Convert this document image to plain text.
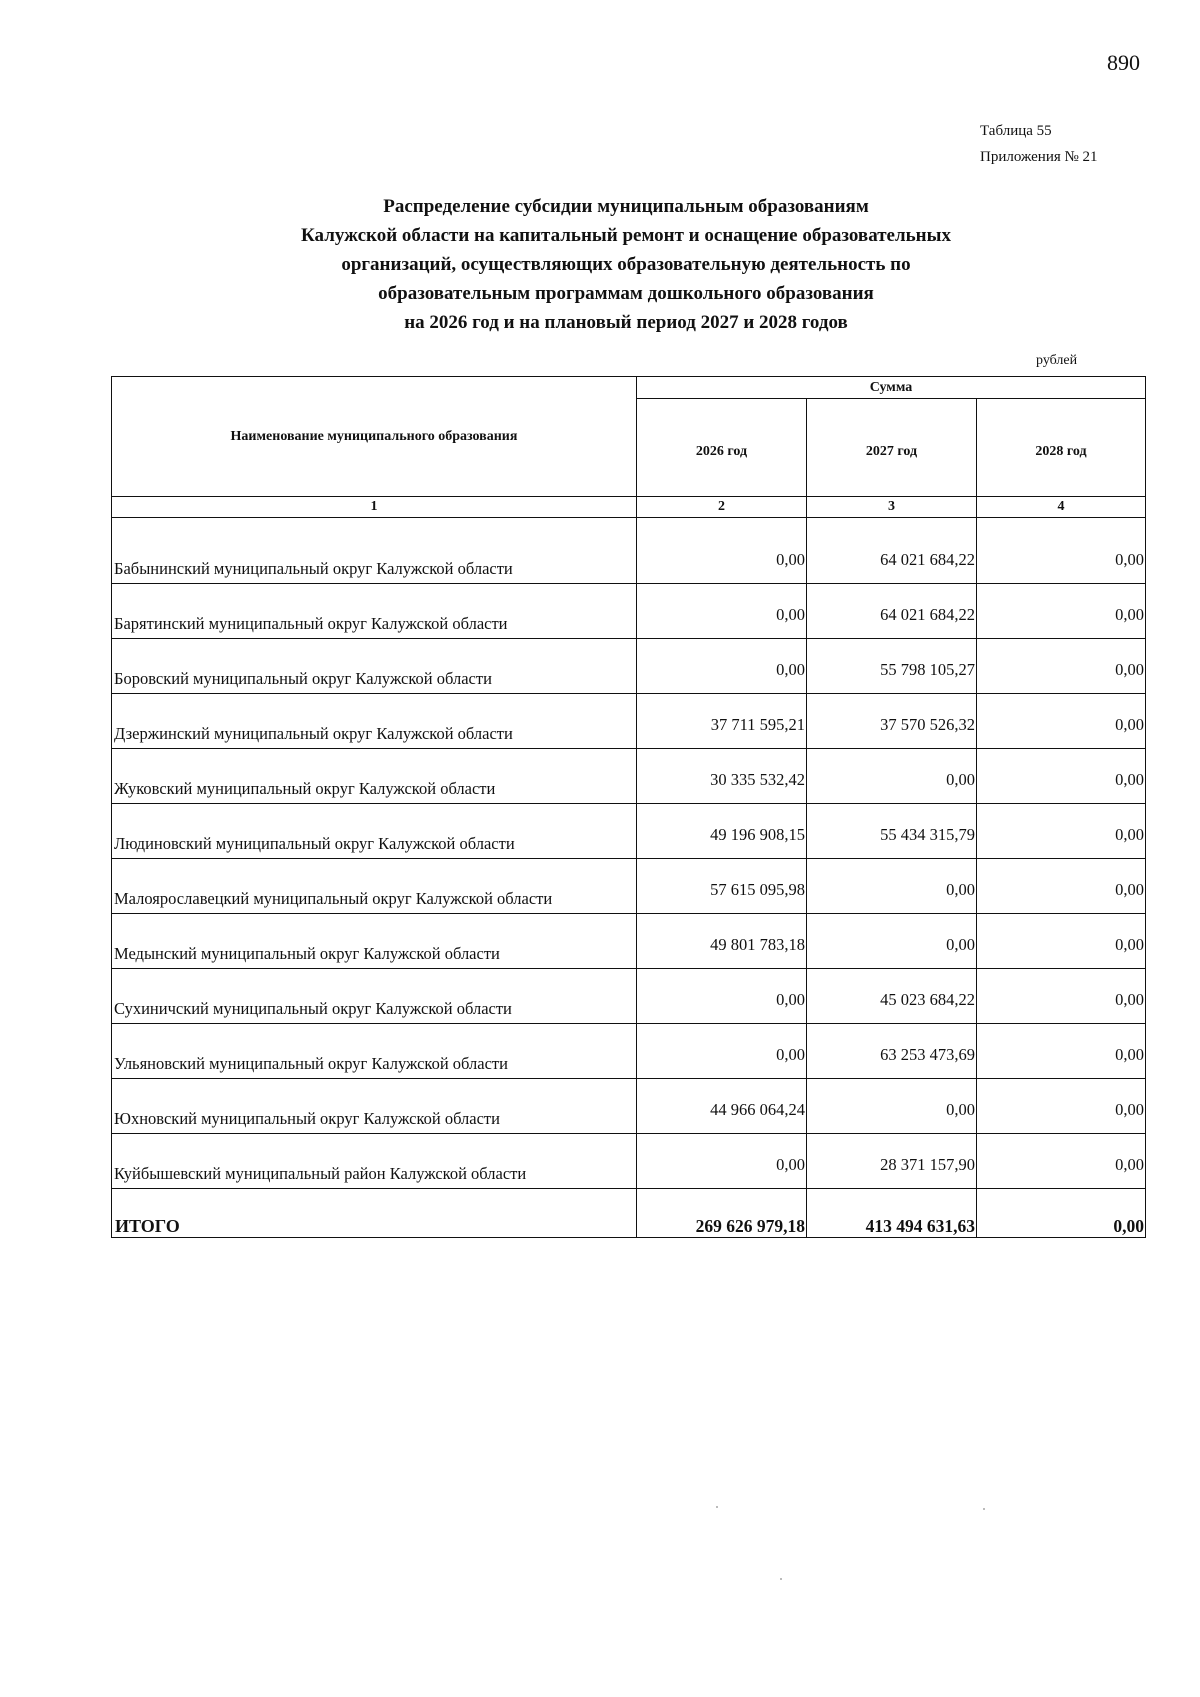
890
Таблица 55
Приложения № 21
Распределение субсидии муниципальным образованиям
Калужской области на капитальный ремонт и оснащение образовательных
организаций, осуществляющих образовательную деятельность по
образовательным программам дошкольного образования
на 2026 год и на плановый период 2027 и 2028 годов
рублей
Наименование муниципального образования	Сумма		
	2026 год	2027 год	2028 год
1	2	3	4

Бабынинский муниципальный округ Калужской области	0,00	64 021 684,22	0,00
Барятинский муниципальный округ Калужской области	0,00	64 021 684,22	0,00
Боровский муниципальный округ Калужской области	0,00	55 798 105,27	0,00
Дзержинский муниципальный округ Калужской области	37 711 595,21	37 570 526,32	0,00
Жуковский муниципальный округ Калужской области	30 335 532,42	0,00	0,00
Людиновский муниципальный округ Калужской области	49 196 908,15	55 434 315,79	0,00
Малоярославецкий муниципальный округ Калужской области	57 615 095,98	0,00	0,00
Медынский муниципальный округ Калужской области	49 801 783,18	0,00	0,00
Сухиничский муниципальный округ Калужской области	0,00	45 023 684,22	0,00
Ульяновский муниципальный округ Калужской области	0,00	63 253 473,69	0,00
Юхновский муниципальный округ Калужской области	44 966 064,24	0,00	0,00
Куйбышевский муниципальный район Калужской области	0,00	28 371 157,90	0,00
ИТОГО	269 626 979,18	413 494 631,63	0,00
